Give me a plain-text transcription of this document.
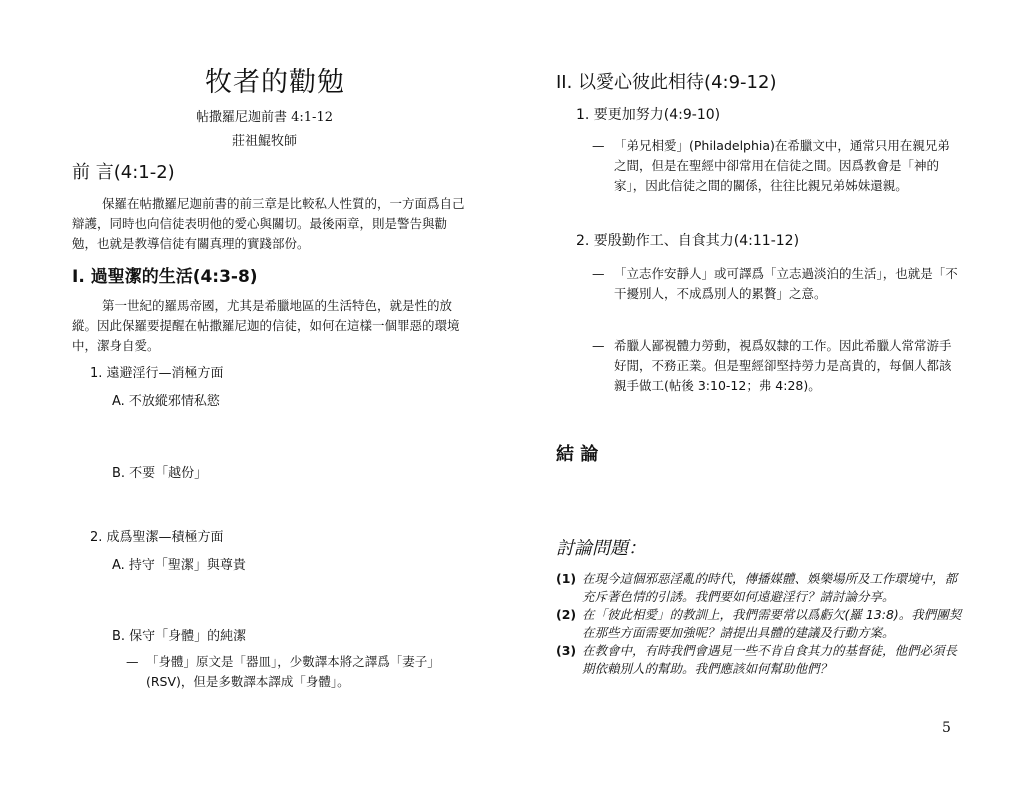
牧者的勸勉
帖撒羅尼迦前書 4:1-12
莊祖鯤牧師
前 言(4:1-2)
保羅在帖撒羅尼迦前書的前三章是比較私人性質的，一方面爲自己辯護，同時也向信徒表明他的愛心與關切。最後兩章，則是警告與勸勉，也就是教導信徒有關真理的實踐部份。
I. 過聖潔的生活(4:3-8)
第一世紀的羅馬帝國，尤其是希臘地區的生活特色，就是性的放縱。因此保羅要提醒在帖撒羅尼迦的信徒，如何在這樣一個罪惡的環境中，潔身自愛。
1. 遠避淫行—消極方面
A. 不放縱邪情私慾
B. 不要「越份」
2. 成爲聖潔—積極方面
A. 持守「聖潔」與尊貴
B. 保守「身體」的純潔
— 「身體」原文是「器皿」，少數譯本將之譯爲「妻子」(RSV)，但是多數譯本譯成「身體」。
II. 以愛心彼此相待(4:9-12)
1. 要更加努力(4:9-10)
— 「弟兄相愛」(Philadelphia)在希臘文中，通常只用在親兄弟之間，但是在聖經中卻常用在信徒之間。因爲教會是「神的家」，因此信徒之間的關係，往往比親兄弟姊妹還親。
2. 要殷勤作工、自食其力(4:11-12)
— 「立志作安靜人」或可譯爲「立志過淡泊的生活」，也就是「不干擾別人，不成爲別人的累贅」之意。
— 希臘人鄙視體力勞動，視爲奴隸的工作。因此希臘人常常游手好閒，不務正業。但是聖經卻堅持勞力是高貴的，每個人都該親手做工(帖後 3:10-12；弗 4:28)。
結 論
討論問題：
(1) 在現今這個邪惡淫亂的時代，傳播媒體、娛樂場所及工作環境中，都充斥著色情的引誘。我們要如何遠避淫行？請討論分享。
(2) 在「彼此相愛」的教訓上，我們需要常以爲虧欠(羅 13:8)。我們團契在那些方面需要加強呢？請提出具體的建議及行動方案。
(3) 在教會中，有時我們會遇見一些不肯自食其力的基督徒，他們必須長期依賴別人的幫助。我們應該如何幫助他們？
5
